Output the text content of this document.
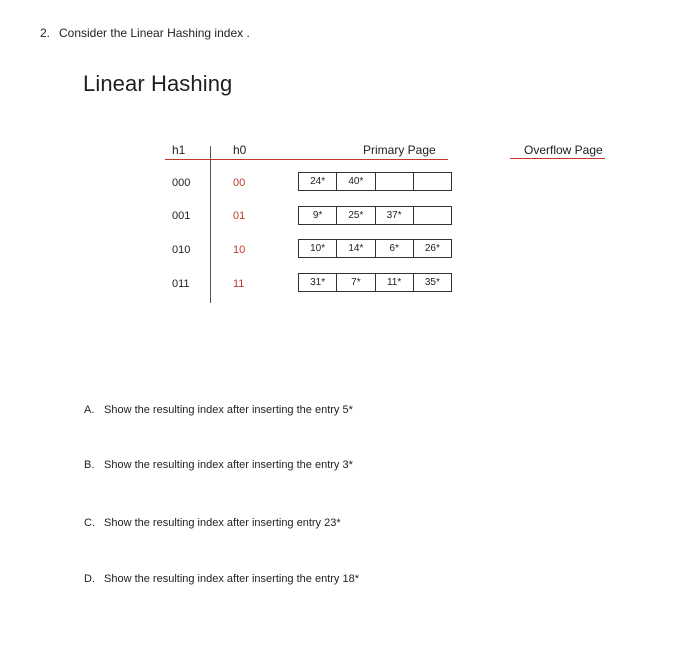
2. Consider the Linear Hashing index .
Linear Hashing
h1	h0	Primary Page	Overflow Page
000	00	24*	40*
001	01	9*	25*	37*
010	10	10*	14*	6*	26*
011	11	31*	7*	11*	35*
A. Show the resulting index after inserting the entry 5*
B. Show the resulting index after inserting the entry 3*
C. Show the resulting index after inserting entry 23*
D. Show the resulting index after inserting the entry 18*
